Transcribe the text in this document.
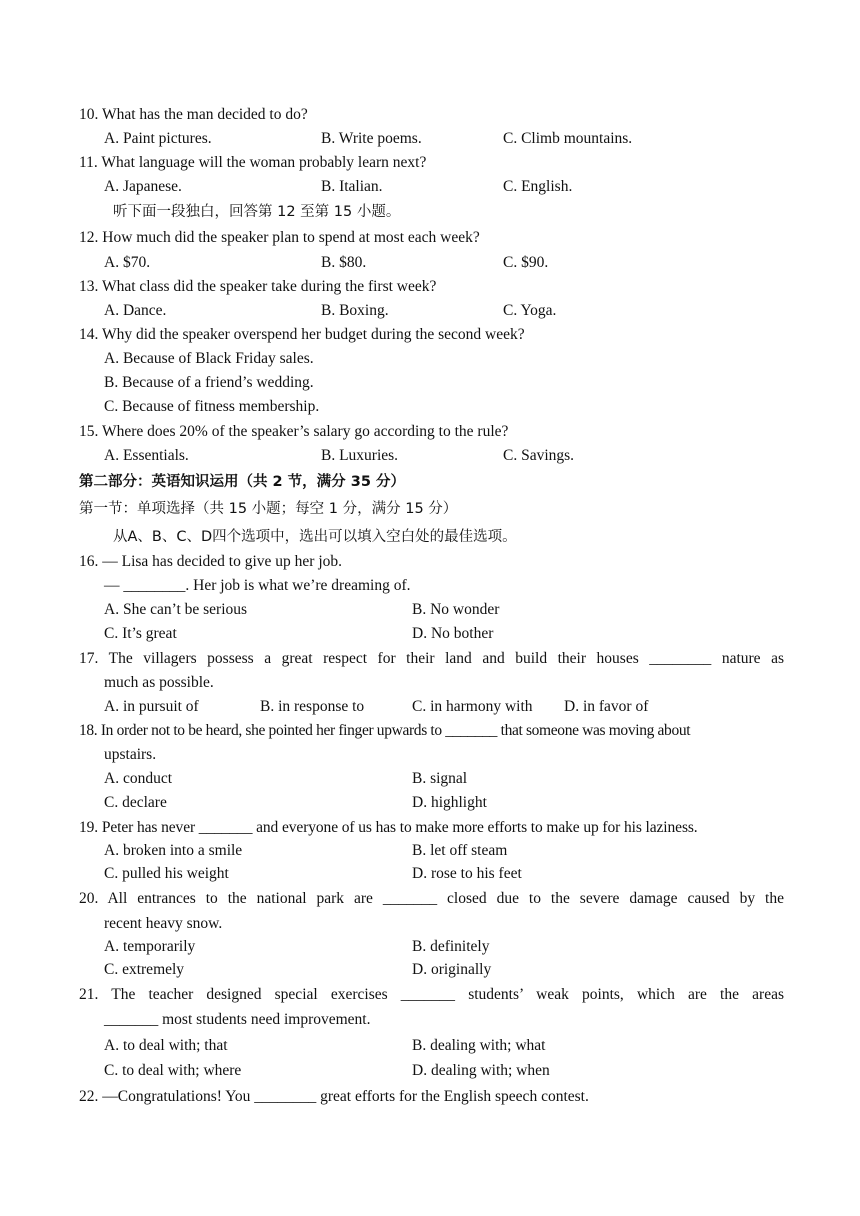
10. What has the man decided to do?
A. Paint pictures.	B. Write poems.	C. Climb mountains.
11. What language will the woman probably learn next?
A. Japanese.	B. Italian.	C. English.
听下面一段独白，回答第 12 至第 15 小题。
12. How much did the speaker plan to spend at most each week?
A. $70.	B. $80.	C. $90.
13. What class did the speaker take during the first week?
A. Dance.	B. Boxing.	C. Yoga.
14. Why did the speaker overspend her budget during the second week?
A. Because of Black Friday sales.
B. Because of a friend’s wedding.
C. Because of fitness membership.
15. Where does 20% of the speaker’s salary go according to the rule?
A. Essentials.	B. Luxuries.	C. Savings.
第二部分：英语知识运用（共 2 节，满分 35 分）
第一节：单项选择（共 15 小题；每空 1 分，满分 15 分）
从A、B、C、D四个选项中，选出可以填入空白处的最佳选项。
16. — Lisa has decided to give up her job.
— ________. Her job is what we’re dreaming of.
A. She can’t be serious	B. No wonder
C. It’s great	D. No bother
17. The villagers possess a great respect for their land and build their houses ________ nature as
much as possible.
A. in pursuit of	B. in response to	C. in harmony with D. in favor of
18. In order not to be heard, she pointed her finger upwards to _______ that someone was moving about
upstairs.
A. conduct	B. signal
C. declare	D. highlight
19. Peter has never _______ and everyone of us has to make more efforts to make up for his laziness.
A. broken into a smile	B. let off steam
C. pulled his weight	D. rose to his feet
20. All entrances to the national park are _______ closed due to the severe damage caused by the
recent heavy snow.
A. temporarily	B. definitely
C. extremely	D. originally
21. The teacher designed special exercises _______ students’ weak points, which are the areas
_______ most students need improvement.
A. to deal with; that	B. dealing with; what
C. to deal with; where	D. dealing with; when
22. —Congratulations! You ________ great efforts for the English speech contest.
